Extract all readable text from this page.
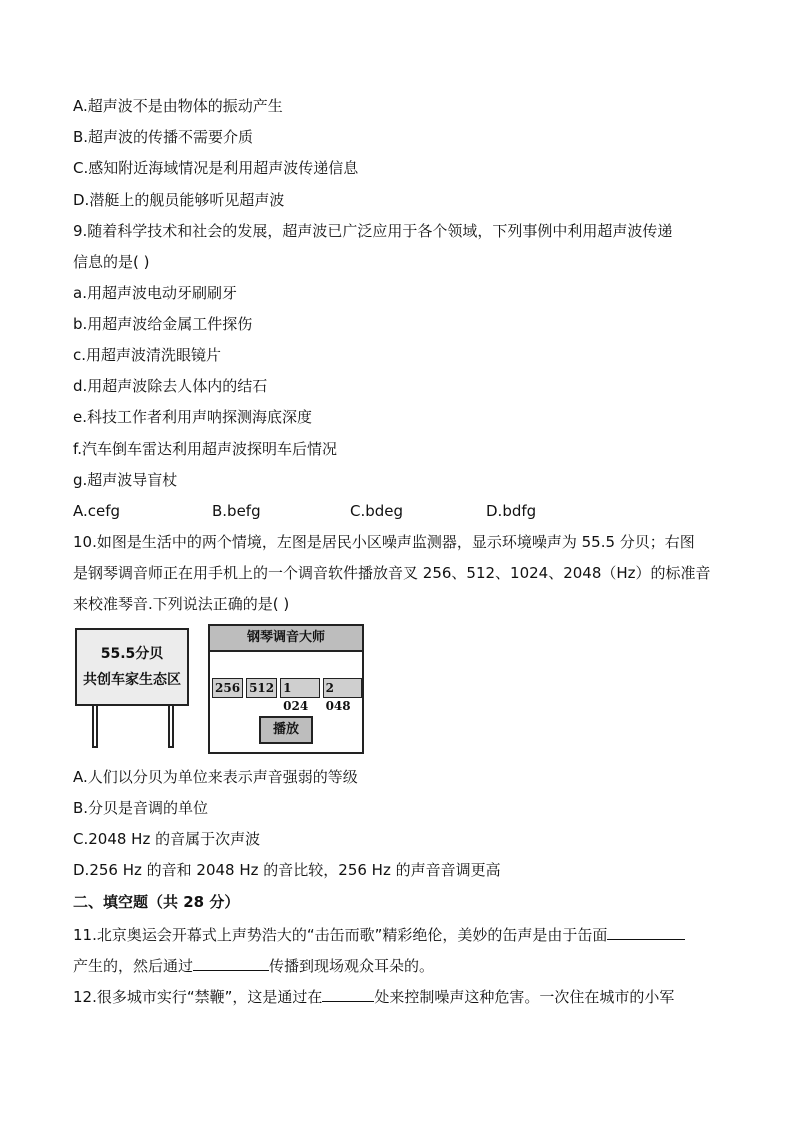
A.超声波不是由物体的振动产生
B.超声波的传播不需要介质
C.感知附近海域情况是利用超声波传递信息
D.潜艇上的舰员能够听见超声波
9.随着科学技术和社会的发展，超声波已广泛应用于各个领域，下列事例中利用超声波传递
信息的是( )
a.用超声波电动牙刷刷牙
b.用超声波给金属工件探伤
c.用超声波清洗眼镜片
d.用超声波除去人体内的结石
e.科技工作者利用声呐探测海底深度
f.汽车倒车雷达利用超声波探明车后情况
g.超声波导盲杖
A.cefg	B.befg	C.bdeg	D.bdfg
10.如图是生活中的两个情境，左图是居民小区噪声监测器，显示环境噪声为 55.5 分贝；右图
是钢琴调音师正在用手机上的一个调音软件播放音叉 256、512、1024、2048（Hz）的标准音
来校准琴音.下列说法正确的是( )
55.5分贝
共创车家生态区
钢琴调音大师
256 512 1 024
2 048
播放
A.人们以分贝为单位来表示声音强弱的等级
B.分贝是音调的单位
C.2048 Hz 的音属于次声波
D.256 Hz 的音和 2048 Hz 的音比较，256 Hz 的声音音调更高
二、填空题（共 28 分）
11.北京奥运会开幕式上声势浩大的“击缶而歌”精彩绝伦，美妙的缶声是由于缶面
产生的，然后通过	传播到现场观众耳朵的。
12.很多城市实行“禁鞭”，这是通过在	处来控制噪声这种危害。一次住在城市的小军
